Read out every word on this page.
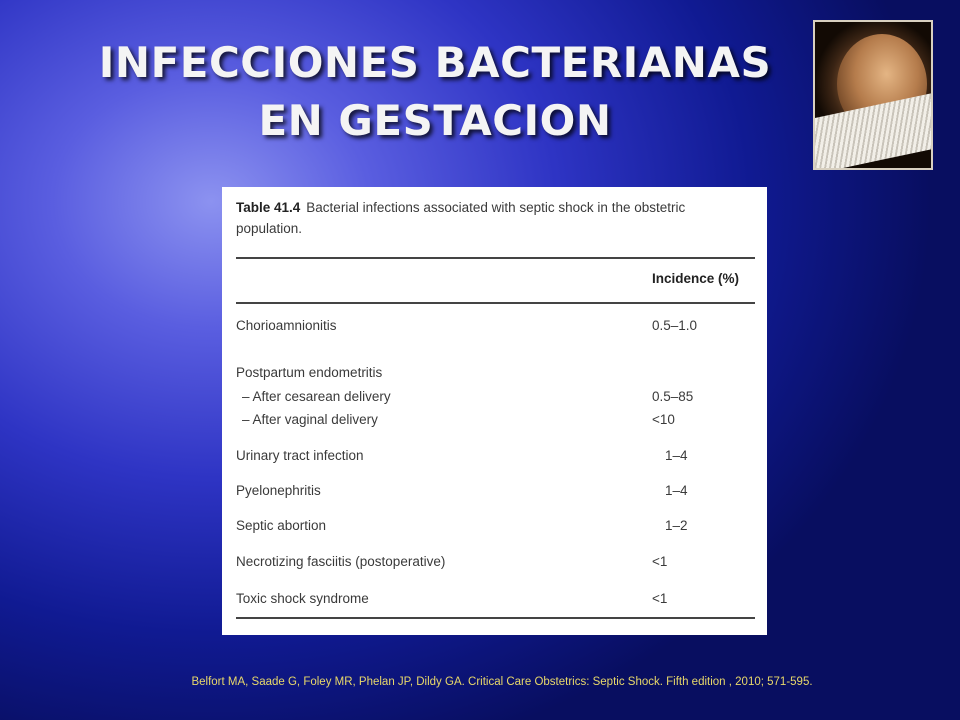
INFECCIONES BACTERIANAS
EN GESTACION
Table 41.4 Bacterial infections associated with septic shock in the obstetric
population.
Incidence (%)
Chorioamnionitis	0.5–1.0
Postpartum endometritis
– After cesarean delivery	0.5–85
– After vaginal delivery	<10
Urinary tract infection	1–4
Pyelonephritis	1–4
Septic abortion	1–2
Necrotizing fasciitis (postoperative)	<1
Toxic shock syndrome	<1
Belfort MA, Saade G, Foley MR, Phelan JP, Dildy GA. Critical Care Obstetrics: Septic Shock. Fifth edition , 2010; 571-595.
